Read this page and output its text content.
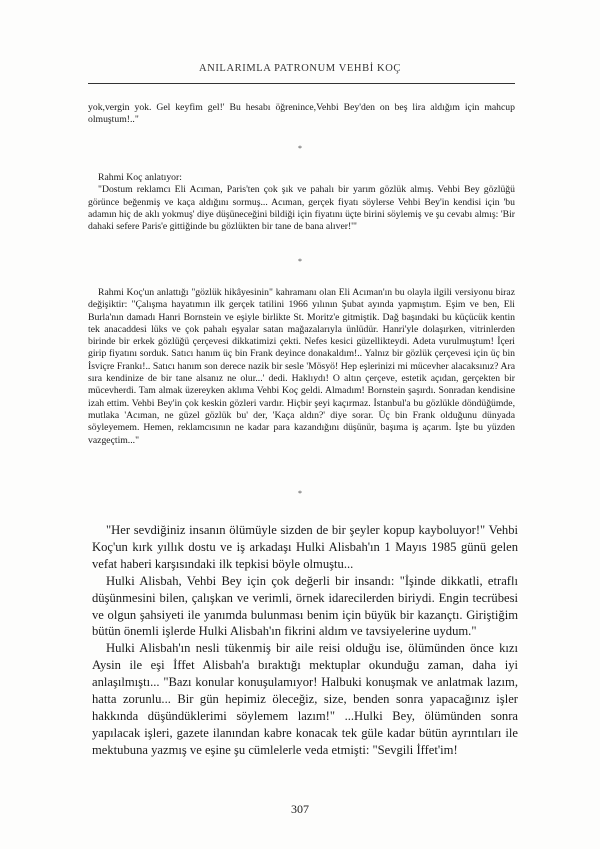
ANILARIMLA PATRONUM VEHBİ KOÇ

yok,vergin yok. Gel keyfim gel!' Bu hesabı öğrenince,Vehbi Bey'den on beş lira aldığım için mahcup olmuştum!.."

*

Rahmi Koç anlatıyor:

"Dostum reklamcı Eli Acıman, Paris'ten çok şık ve pahalı bir yarım gözlük almış. Vehbi Bey gözlüğü görünce beğenmiş ve kaça aldığını sormuş... Acıman, gerçek fiyatı söylerse Vehbi Bey'in kendisi için 'bu adamın hiç de aklı yokmuş' diye düşüneceğini bildiği için fiyatını üçte birini söylemiş ve şu cevabı almış: 'Bir dahaki sefere Paris'e gittiğinde bu gözlükten bir tane de bana alıver!'"

*

Rahmi Koç'un anlattığı "gözlük hikâyesinin" kahramanı olan Eli Acıman'ın bu olayla ilgili versiyonu biraz değişiktir: "Çalışma hayatımın ilk gerçek tatilini 1966 yılının Şubat ayında yapmıştım. Eşim ve ben, Eli Burla'nın damadı Hanri Bornstein ve eşiyle birlikte St. Moritz'e gitmiştik. Dağ başındaki bu küçücük kentin tek anacaddesi lüks ve çok pahalı eşyalar satan mağazalarıyla ünlüdür. Hanri'yle dolaşırken, vitrinlerden birinde bir erkek gözlüğü çerçevesi dikkatimizi çekti. Nefes kesici güzellikteydi. Adeta vurulmuştum! İçeri girip fiyatını sorduk. Satıcı hanım üç bin Frank deyince donakaldım!.. Yalnız bir gözlük çerçevesi için üç bin İsviçre Frankı!.. Satıcı hanım son derece nazik bir sesle 'Mösyö! Hep eşlerinizi mi mücevher alacaksınız? Ara sıra kendinize de bir tane alsanız ne olur...' dedi. Haklıydı! O altın çerçeve, estetik açıdan, gerçekten bir mücevherdi. Tam almak üzereyken aklıma Vehbi Koç geldi. Almadım! Bornstein şaşırdı. Sonradan kendisine izah ettim. Vehbi Bey'in çok keskin gözleri vardır. Hiçbir şeyi kaçırmaz. İstanbul'a bu gözlükle döndüğümde, mutlaka 'Acıman, ne güzel gözlük bu' der, 'Kaça aldın?' diye sorar. Üç bin Frank olduğunu dünyada söyleyemem. Hemen, reklamcısının ne kadar para kazandığını düşünür, başıma iş açarım. İşte bu yüzden vazgeçtim..."

*

"Her sevdiğiniz insanın ölümüyle sizden de bir şeyler kopup kayboluyor!" Vehbi Koç'un kırk yıllık dostu ve iş arkadaşı Hulki Alisbah'ın 1 Mayıs 1985 günü gelen vefat haberi karşısındaki ilk tepkisi böyle olmuştu...

Hulki Alisbah, Vehbi Bey için çok değerli bir insandı: "İşinde dikkatli, etraflı düşünmesini bilen, çalışkan ve verimli, örnek idarecilerden biriydi. Engin tecrübesi ve olgun şahsiyeti ile yanımda bulunması benim için büyük bir kazançtı. Giriştiğim bütün önemli işlerde Hulki Alisbah'ın fikrini aldım ve tavsiyelerine uydum."

Hulki Alisbah'ın nesli tükenmiş bir aile reisi olduğu ise, ölümünden önce kızı Aysin ile eşi İffet Alisbah'a bıraktığı mektuplar okunduğu zaman, daha iyi anlaşılmıştı... "Bazı konular konuşulamıyor! Halbuki konuşmak ve anlatmak lazım, hatta zorunlu... Bir gün hepimiz öleceğiz, size, benden sonra yapacağınız işler hakkında düşündüklerimi söylemem lazım!" ...Hulki Bey, ölümünden sonra yapılacak işleri, gazete ilanından kabre konacak tek güle kadar bütün ayrıntıları ile mektubuna yazmış ve eşine şu cümlelerle veda etmişti: "Sevgili İffet'im!

307
